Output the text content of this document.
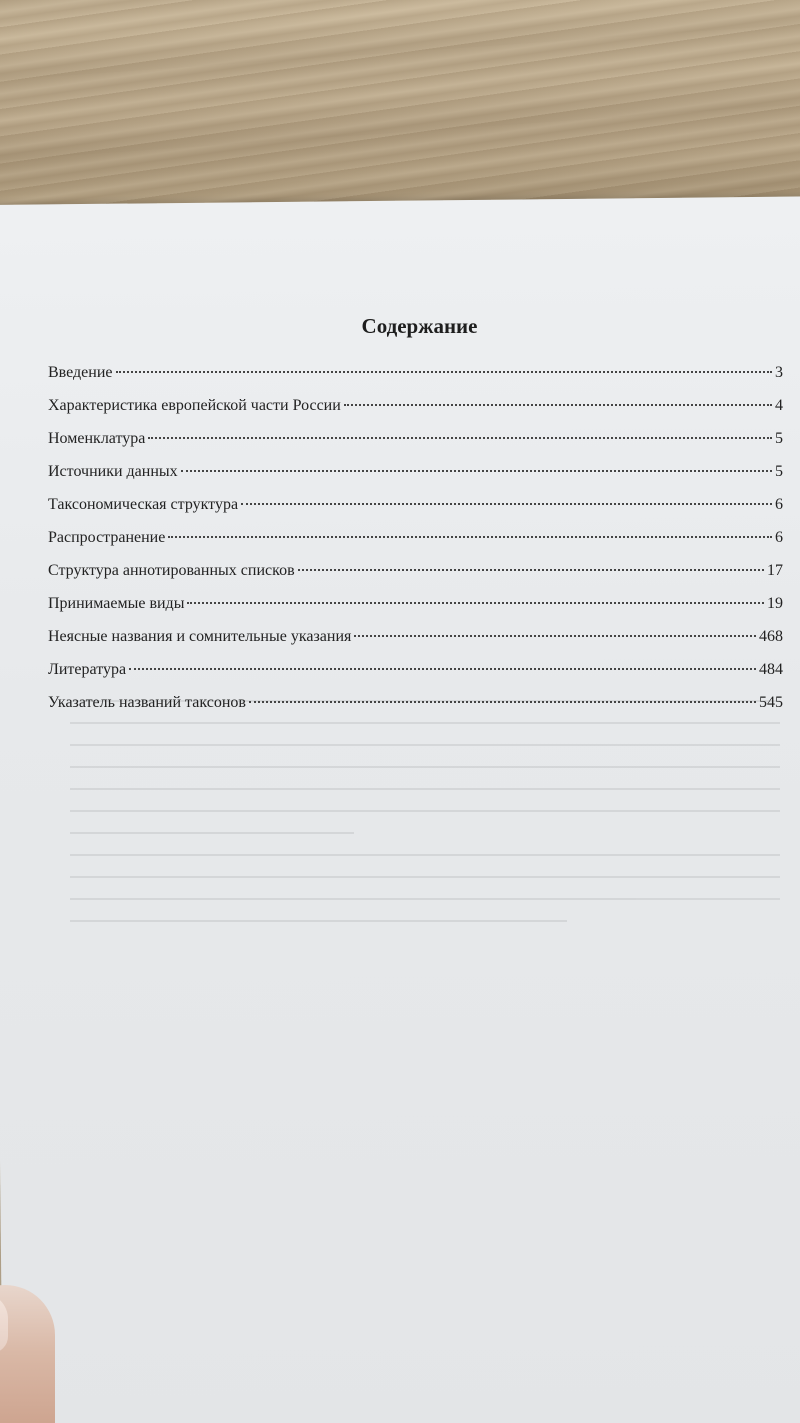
Содержание
Введение	3
Характеристика европейской части России	4
Номенклатура	5
Источники данных	5
Таксономическая структура	6
Распространение	6
Структура аннотированных списков	17
Принимаемые виды	19
Неясные названия и сомнительные указания	468
Литература	484
Указатель названий таксонов	545
